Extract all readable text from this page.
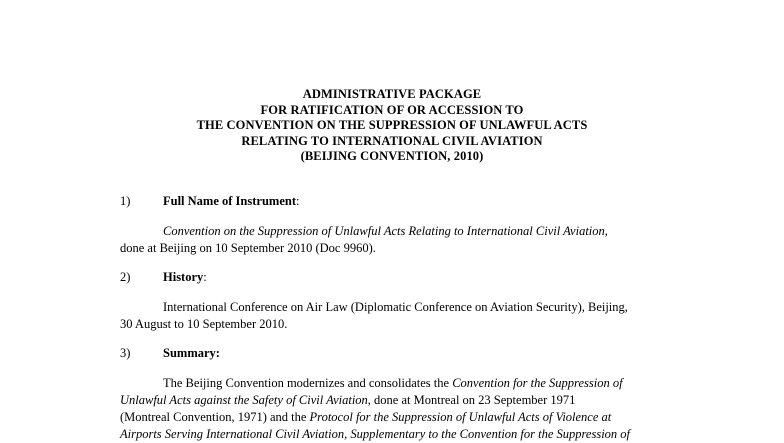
ADMINISTRATIVE PACKAGE
FOR RATIFICATION OF OR ACCESSION TO
THE CONVENTION ON THE SUPPRESSION OF UNLAWFUL ACTS
RELATING TO INTERNATIONAL CIVIL AVIATION
(BEIJING CONVENTION, 2010)
1)	Full Name of Instrument:
Convention on the Suppression of Unlawful Acts Relating to International Civil Aviation,
done at Beijing on 10 September 2010 (Doc 9960).
2)	History:
International Conference on Air Law (Diplomatic Conference on Aviation Security), Beijing,
30 August to 10 September 2010.
3)	Summary:
The Beijing Convention modernizes and consolidates the Convention for the Suppression of
Unlawful Acts against the Safety of Civil Aviation, done at Montreal on 23 September 1971
(Montreal Convention, 1971) and the Protocol for the Suppression of Unlawful Acts of Violence at
Airports Serving International Civil Aviation, Supplementary to the Convention for the Suppression of
